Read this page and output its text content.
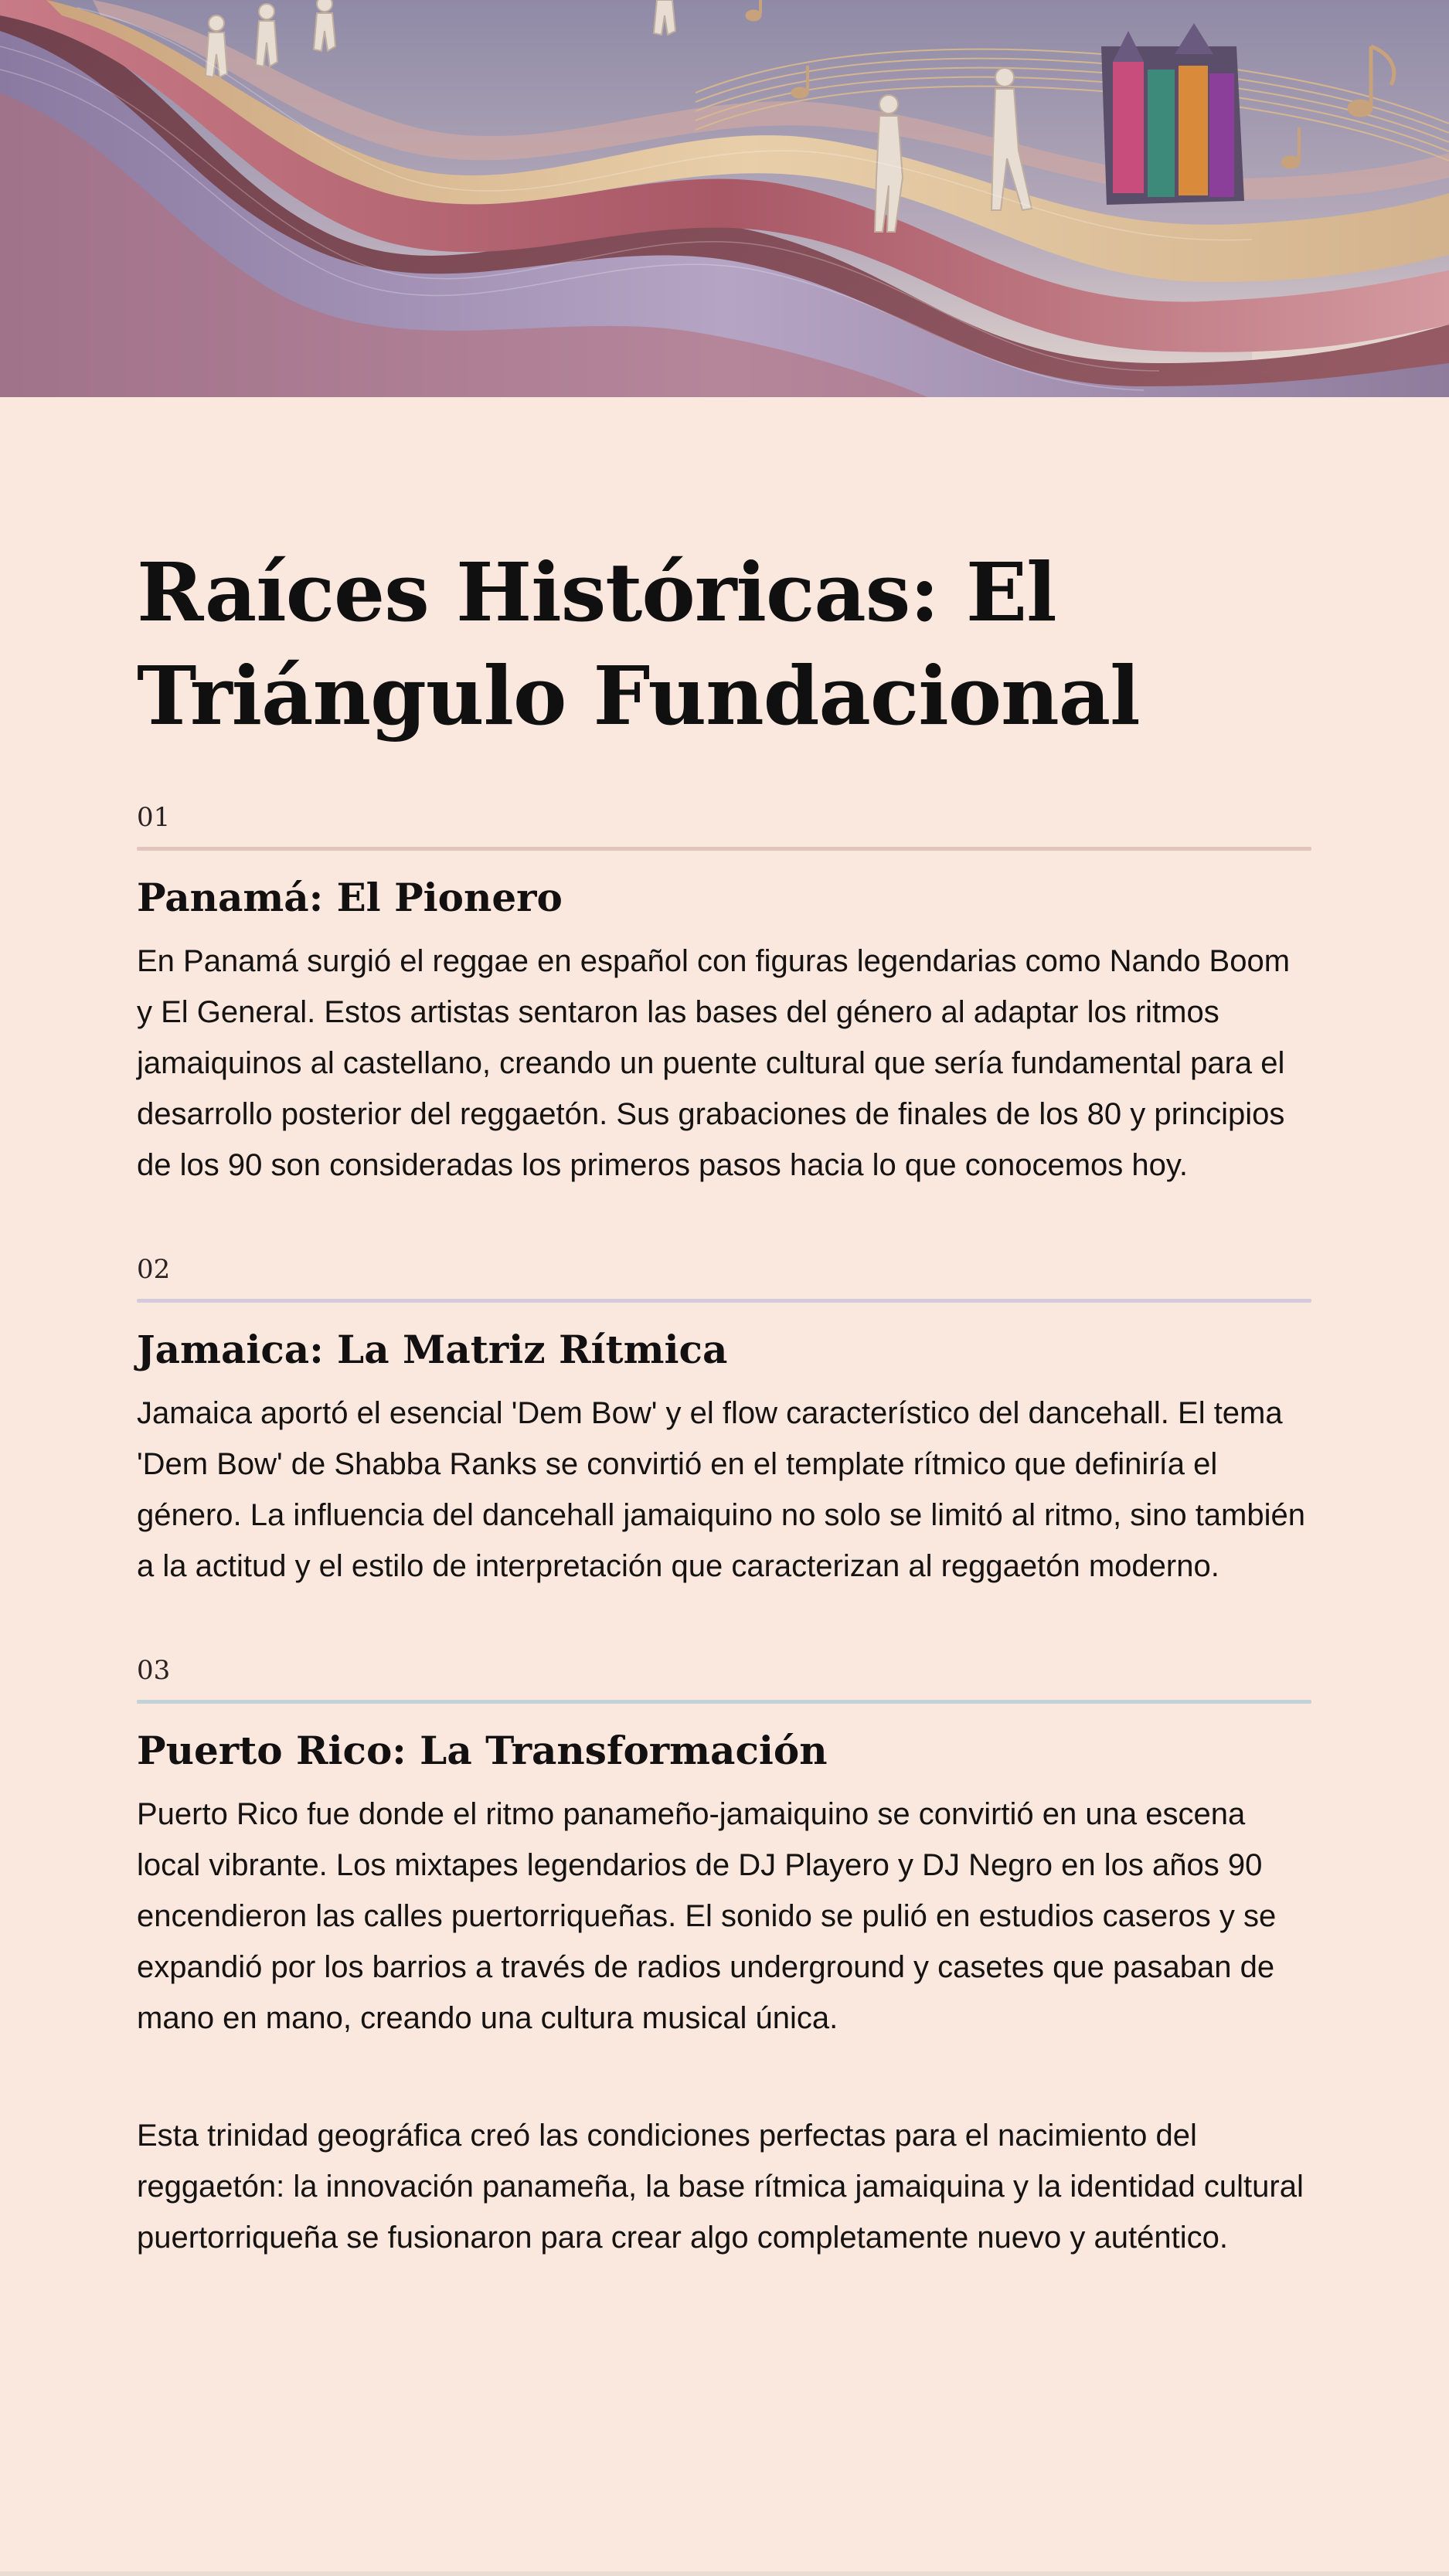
Raíces Históricas: El Triángulo Fundacional

01

Panamá: El Pionero

En Panamá surgió el reggae en español con figuras legendarias como Nando Boom y El General. Estos artistas sentaron las bases del género al adaptar los ritmos jamaiquinos al castellano, creando un puente cultural que sería fundamental para el desarrollo posterior del reggaetón. Sus grabaciones de finales de los 80 y principios de los 90 son consideradas los primeros pasos hacia lo que conocemos hoy.

02

Jamaica: La Matriz Rítmica

Jamaica aportó el esencial 'Dem Bow' y el flow característico del dancehall. El tema 'Dem Bow' de Shabba Ranks se convirtió en el template rítmico que definiría el género. La influencia del dancehall jamaiquino no solo se limitó al ritmo, sino también a la actitud y el estilo de interpretación que caracterizan al reggaetón moderno.

03

Puerto Rico: La Transformación

Puerto Rico fue donde el ritmo panameño-jamaiquino se convirtió en una escena local vibrante. Los mixtapes legendarios de DJ Playero y DJ Negro en los años 90 encendieron las calles puertorriqueñas. El sonido se pulió en estudios caseros y se expandió por los barrios a través de radios underground y casetes que pasaban de mano en mano, creando una cultura musical única.

Esta trinidad geográfica creó las condiciones perfectas para el nacimiento del reggaetón: la innovación panameña, la base rítmica jamaiquina y la identidad cultural puertorriqueña se fusionaron para crear algo completamente nuevo y auténtico.
